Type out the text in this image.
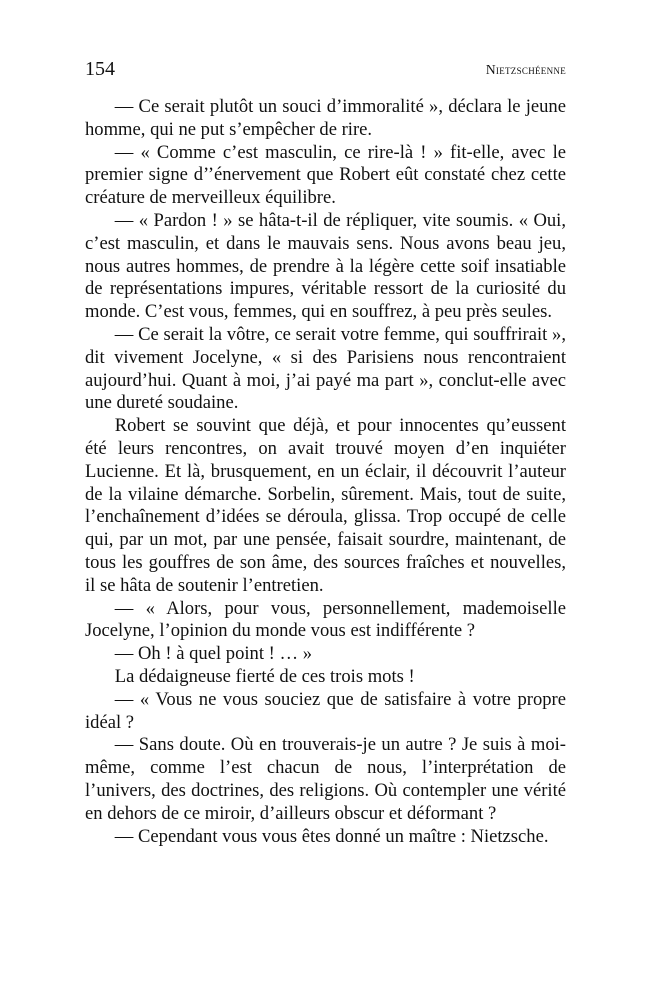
154	Nietzschéenne

— Ce serait plutôt un souci d’immoralité », déclara le jeune homme, qui ne put s’empêcher de rire.

— « Comme c’est masculin, ce rire-là ! » fit-elle, avec le premier signe d’’énervement que Robert eût constaté chez cette créature de merveilleux équilibre.

— « Pardon ! » se hâta-t-il de répliquer, vite soumis. « Oui, c’est masculin, et dans le mauvais sens. Nous avons beau jeu, nous autres hommes, de prendre à la légère cette soif insatiable de représentations impures, véritable ressort de la curiosité du monde. C’est vous, femmes, qui en souffrez, à peu près seules.

— Ce serait la vôtre, ce serait votre femme, qui souffrirait », dit vivement Jocelyne, « si des Parisiens nous rencontraient aujourd’hui. Quant à moi, j’ai payé ma part », conclut-elle avec une dureté soudaine.

Robert se souvint que déjà, et pour innocentes qu’eussent été leurs rencontres, on avait trouvé moyen d’en inquiéter Lucienne. Et là, brusquement, en un éclair, il découvrit l’auteur de la vilaine démarche. Sorbelin, sûrement. Mais, tout de suite, l’enchaînement d’idées se déroula, glissa. Trop occupé de celle qui, par un mot, par une pensée, faisait sourdre, maintenant, de tous les gouffres de son âme, des sources fraîches et nouvelles, il se hâta de soutenir l’entretien.

— « Alors, pour vous, personnellement, mademoiselle Jocelyne, l’opinion du monde vous est indifférente ?

— Oh ! à quel point ! … »

La dédaigneuse fierté de ces trois mots !

— « Vous ne vous souciez que de satisfaire à votre propre idéal ?

— Sans doute. Où en trouverais-je un autre ? Je suis à moi-même, comme l’est chacun de nous, l’interprétation de l’univers, des doctrines, des religions. Où contempler une vérité en dehors de ce miroir, d’ailleurs obscur et déformant ?

— Cependant vous vous êtes donné un maître : Nietzsche.
